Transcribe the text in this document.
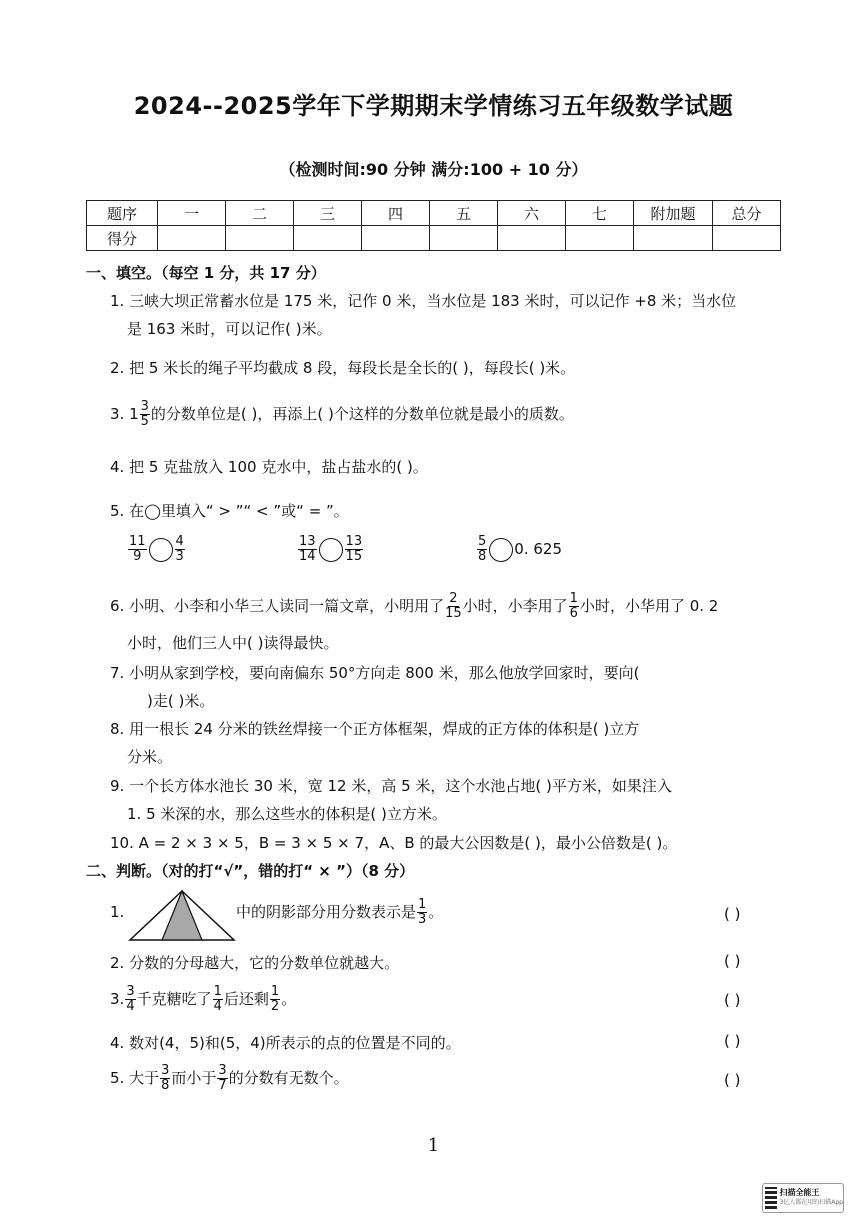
2024--2025学年下学期期末学情练习五年级数学试题
（检测时间:90 分钟 满分:100 + 10 分）
题序	一	二	三	四	五	六	七	附加题	总分
得分									
一、填空。（每空 1 分，共 17 分）
1. 三峡大坝正常蓄水位是 175 米，记作 0 米，当水位是 183 米时，可以记作 +8 米；当水位
是 163 米时，可以记作( )米。
2. 把 5 米长的绳子平均截成 8 段，每段长是全长的( )，每段长( )米。
3. $1 \frac{3}{5}$ 的分数单位是( )，再添上( )个这样的分数单位就是最小的质数。
4. 把 5 克盐放入 100 克水中，盐占盐水的( )。
5. 在◯里填入“ > ”“ < ”或“ = ”。
$\frac{11}{9} \frac{4}{3}$	$\frac{13}{14} \frac{13}{15}$	$\frac{5}{8} 0$. 625
6. 小明、小李和小华三人读同一篇文章，小明用了 $\frac{2}{15}$ 小时，小李用了 $\frac{1}{6}$ 小时，小华用了 0. 2
小时，他们三人中( )读得最快。
7. 小明从家到学校，要向南偏东 50°方向走 800 米，那么他放学回家时，要向(
)走( )米。
8. 用一根长 24 分米的铁丝焊接一个正方体框架，焊成的正方体的体积是( )立方
分米。
9. 一个长方体水池长 30 米，宽 12 米，高 5 米，这个水池占地( )平方米，如果注入
1. 5 米深的水，那么这些水的体积是( )立方米。
10. A = 2 × 3 × 5，B = 3 × 5 × 7，A、B 的最大公因数是( )，最小公倍数是( )。
二、判断。（对的打“√”，错的打“ × ”）（8 分）
1.	中的阴影部分用分数表示是 $\frac{1}{3}$ 。	( )
2. 分数的分母越大，它的分数单位就越大。	( )
3. $\frac{3}{4}$ 千克糖吃了 $\frac{1}{4}$ 后还剩 $\frac{1}{2}$ 。	( )
4. 数对(4，5)和(5，4)所表示的点的位置是不同的。	( )
5. 大于 $\frac{3}{8}$ 而小于 $\frac{3}{7}$ 的分数有无数个。	( )
1
扫描全能王
3亿人都在用的扫描App
